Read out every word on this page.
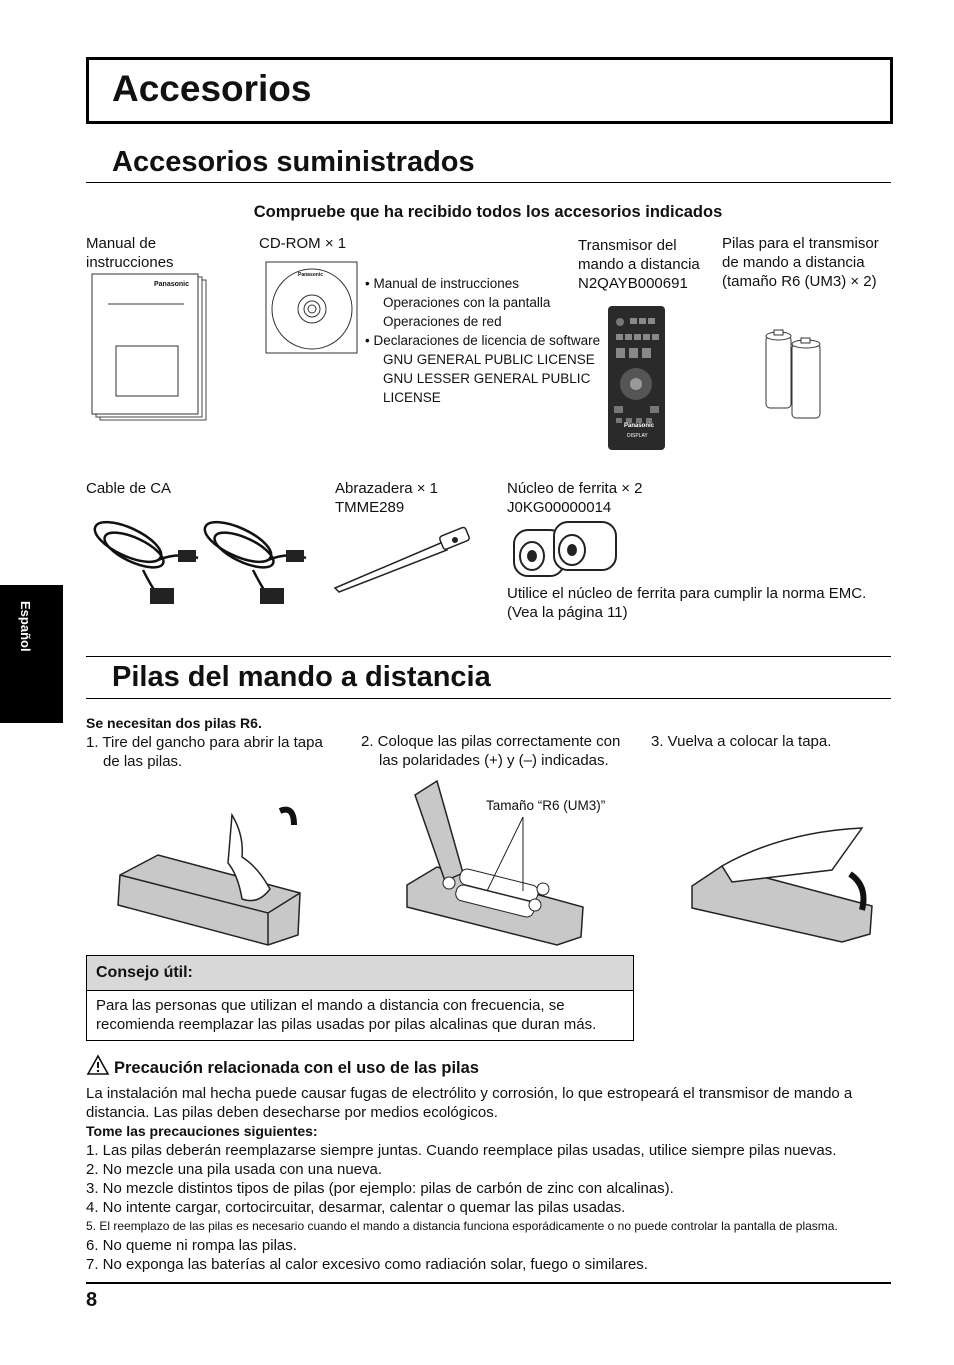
Accesorios
Accesorios suministrados
Compruebe que ha recibido todos los accesorios indicados
Manual de
instrucciones
Panasonic
CD-ROM × 1
Panasonic
• Manual de instrucciones
Operaciones con la pantalla
Operaciones de red
• Declaraciones de licencia de software
GNU GENERAL PUBLIC LICENSE
GNU LESSER GENERAL PUBLIC
LICENSE
Transmisor del
mando a distancia
N2QAYB000691
Panasonic
DISPLAY
Pilas para el transmisor
de mando a distancia
(tamaño R6 (UM3) × 2)
Cable de CA	Abrazadera × 1
TMME289
Núcleo de ferrita × 2
J0KG00000014
Utilice el núcleo de ferrita para cumplir la norma EMC.
(Vea la página 11)
Español
Pilas del mando a distancia
Se necesitan dos pilas R6.
1. Tire del gancho para abrir la tapa
de las pilas.
2. Coloque las pilas correctamente con
las polaridades (+) y (–) indicadas.
3. Vuelva a colocar la tapa.
Tamaño “R6 (UM3)”
Consejo útil:
Para las personas que utilizan el mando a distancia con frecuencia, se
recomienda reemplazar las pilas usadas por pilas alcalinas que duran más.
Precaución relacionada con el uso de las pilas
La instalación mal hecha puede causar fugas de electrólito y corrosión, lo que estropeará el transmisor de mando a
distancia. Las pilas deben desecharse por medios ecológicos.
Tome las precauciones siguientes:
1. Las pilas deberán reemplazarse siempre juntas. Cuando reemplace pilas usadas, utilice siempre pilas nuevas.
2. No mezcle una pila usada con una nueva.
3. No mezcle distintos tipos de pilas (por ejemplo: pilas de carbón de zinc con alcalinas).
4. No intente cargar, cortocircuitar, desarmar, calentar o quemar las pilas usadas.
5. El reemplazo de las pilas es necesario cuando el mando a distancia funciona esporádicamente o no puede controlar la pantalla de plasma.
6. No queme ni rompa las pilas.
7. No exponga las baterías al calor excesivo como radiación solar, fuego o similares.
8
